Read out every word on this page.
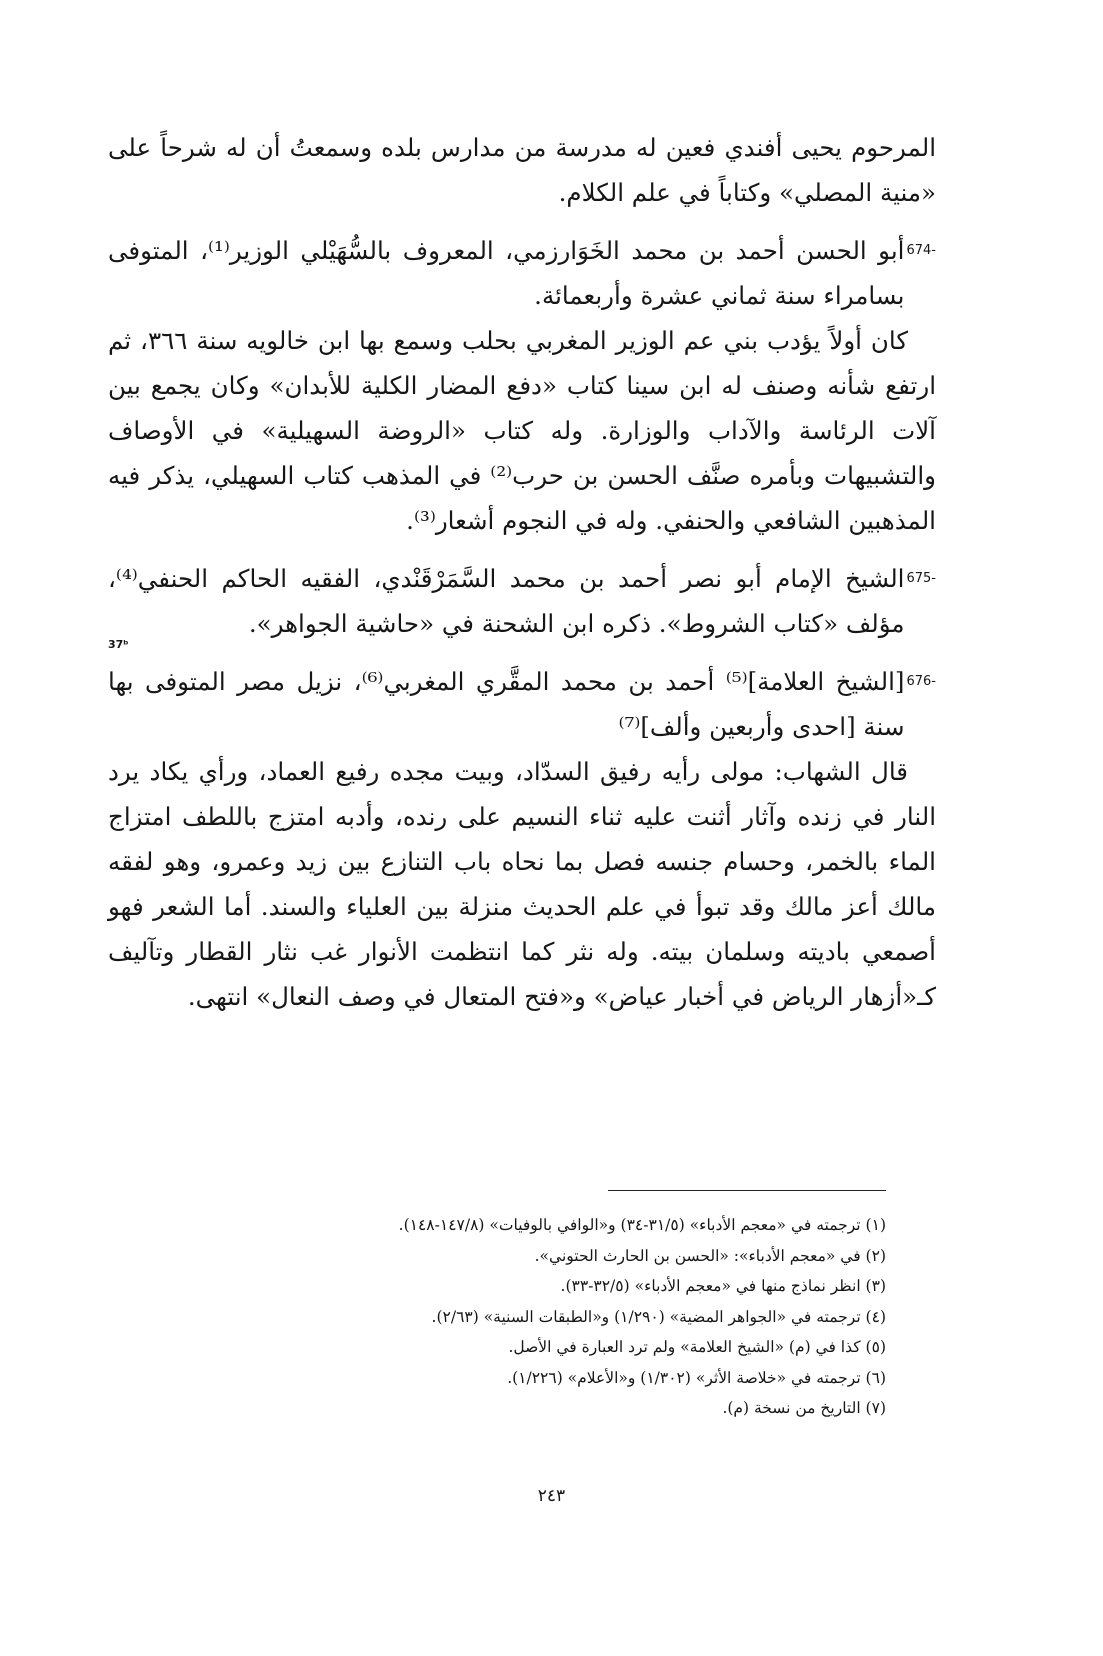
المرحوم يحيى أفندي فعين له مدرسة من مدارس بلده وسمعتُ أن له شرحاً على «منية المصلي» وكتاباً في علم الكلام.

674-
أبو الحسن أحمد بن محمد الخَوَارزمي، المعروف بالسُّهَيْلي الوزير⁽¹⁾، المتوفى بسامراء سنة ثماني عشرة وأربعمائة.

كان أولاً يؤدب بني عم الوزير المغربي بحلب وسمع بها ابن خالويه سنة ٣٦٦، ثم ارتفع شأنه وصنف له ابن سينا كتاب «دفع المضار الكلية للأبدان» وكان يجمع بين آلات الرئاسة والآداب والوزارة. وله كتاب «الروضة السهيلية» في الأوصاف والتشبيهات وبأمره صنَّف الحسن بن حرب⁽²⁾ في المذهب كتاب السهيلي، يذكر فيه المذهبين الشافعي والحنفي. وله في النجوم أشعار⁽³⁾.

675-
الشيخ الإمام أبو نصر أحمد بن محمد السَّمَرْقَنْدي، الفقيه الحاكم الحنفي⁽⁴⁾، مؤلف «كتاب الشروط». ذكره ابن الشحنة في «حاشية الجواهر».
37ᵇ
676-
[الشيخ العلامة]⁽⁵⁾ أحمد بن محمد المقَّري المغربي⁽⁶⁾، نزيل مصر المتوفى بها سنة [احدى وأربعين وألف]⁽⁷⁾

قال الشهاب: مولى رأيه رفيق السدّاد، وبيت مجده رفيع العماد، ورأي يكاد يرد النار في زنده وآثار أثنت عليه ثناء النسيم على رنده، وأدبه امتزج باللطف امتزاج الماء بالخمر، وحسام جنسه فصل بما نحاه باب التنازع بين زيد وعمرو، وهو لفقه مالك أعز مالك وقد تبوأ في علم الحديث منزلة بين العلياء والسند. أما الشعر فهو أصمعي باديته وسلمان بيته. وله نثر كما انتظمت الأنوار غب نثار القطار وتآليف كـ«أزهار الرياض في أخبار عياض» و«فتح المتعال في وصف النعال» انتهى.

(١) ترجمته في «معجم الأدباء» (٣١/٥-٣٤) و«الوافي بالوفيات» (١٤٧/٨-١٤٨).
(٢) في «معجم الأدباء»: «الحسن بن الحارث الحتوني».
(٣) انظر نماذج منها في «معجم الأدباء» (٣٢/٥-٣٣).
(٤) ترجمته في «الجواهر المضية» (١/٢٩٠) و«الطبقات السنية» (٢/٦٣).
(٥) كذا في (م) «الشيخ العلامة» ولم ترد العبارة في الأصل.
(٦) ترجمته في «خلاصة الأثر» (١/٣٠٢) و«الأعلام» (١/٢٢٦).
(٧) التاريخ من نسخة (م).
٢٤٣
